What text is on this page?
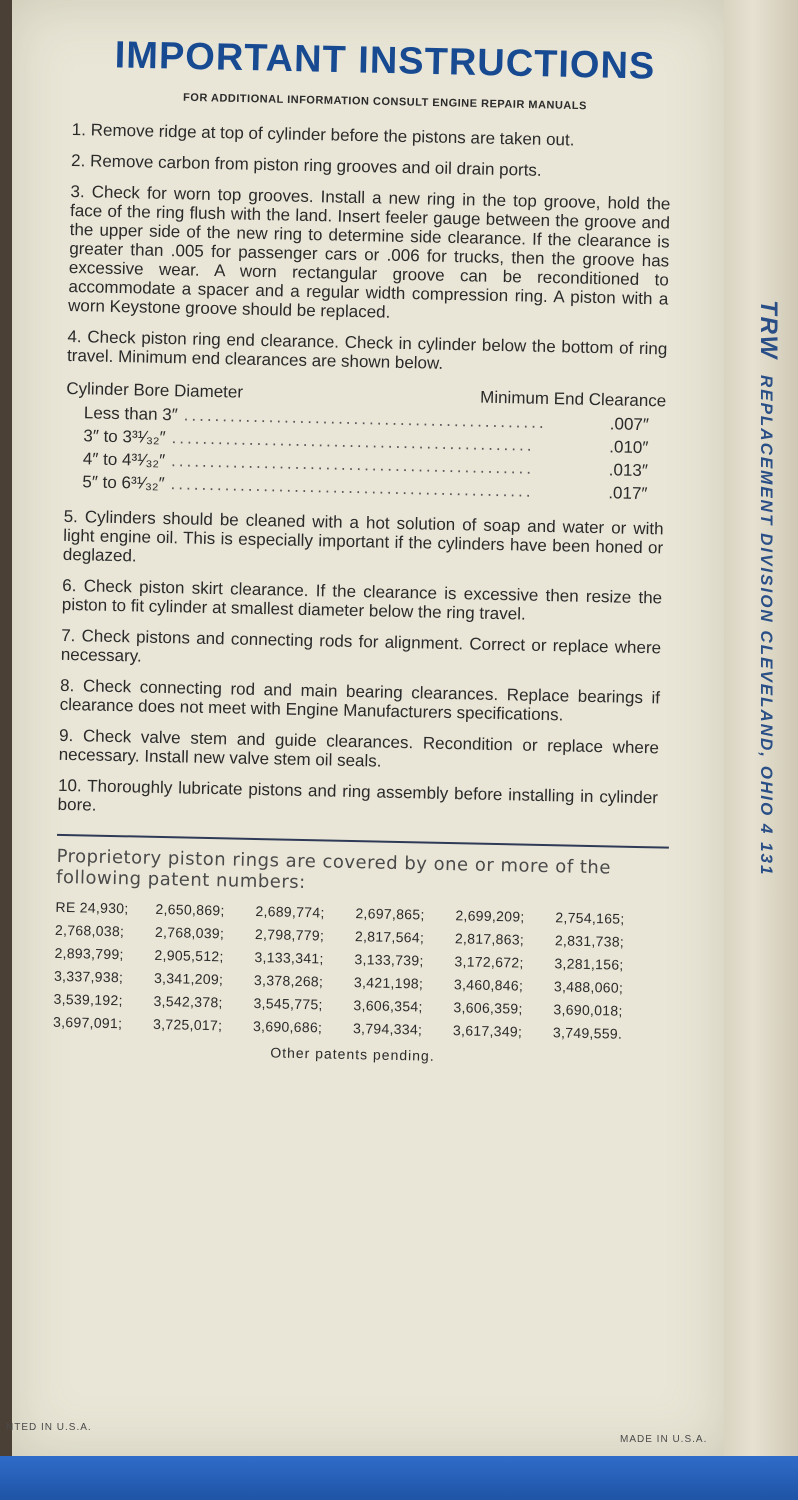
TRW REPLACEMENT DIVISION CLEVELAND, OHIO 4 131
IMPORTANT INSTRUCTIONS
FOR ADDITIONAL INFORMATION CONSULT ENGINE REPAIR MANUALS
1. Remove ridge at top of cylinder before the pistons are taken out.
2. Remove carbon from piston ring grooves and oil drain ports.
3. Check for worn top grooves. Install a new ring in the top groove, hold the face of the ring flush with the land. Insert feeler gauge between the groove and the upper side of the new ring to determine side clearance. If the clearance is greater than .005 for passenger cars or .006 for trucks, then the groove has excessive wear. A worn rectangular groove can be reconditioned to accommodate a spacer and a regular width compression ring. A piston with a worn Keystone groove should be replaced.
4. Check piston ring end clearance. Check in cylinder below the bottom of ring travel. Minimum end clearances are shown below.
Cylinder Bore Diameter	Minimum End Clearance
Less than 3″ ...............................................	.007″
3″ to 3³¹⁄₃₂″ ...............................................	.010″
4″ to 4³¹⁄₃₂″ ...............................................	.013″
5″ to 6³¹⁄₃₂″ ...............................................	.017″
5. Cylinders should be cleaned with a hot solution of soap and water or with light engine oil. This is especially important if the cylinders have been honed or deglazed.
6. Check piston skirt clearance. If the clearance is excessive then resize the piston to fit cylinder at smallest diameter below the ring travel.
7. Check pistons and connecting rods for alignment. Correct or replace where necessary.
8. Check connecting rod and main bearing clearances. Replace bearings if clearance does not meet with Engine Manufacturers specifications.
9. Check valve stem and guide clearances. Recondition or replace where necessary. Install new valve stem oil seals.
10. Thoroughly lubricate pistons and ring assembly before installing in cylinder bore.
Proprietory piston rings are covered by one or more of the following patent numbers:
RE 24,930;	2,650,869;	2,689,774;	2,697,865;	2,699,209;	2,754,165;
2,768,038;	2,768,039;	2,798,779;	2,817,564;	2,817,863;	2,831,738;
2,893,799;	2,905,512;	3,133,341;	3,133,739;	3,172,672;	3,281,156;
3,337,938;	3,341,209;	3,378,268;	3,421,198;	3,460,846;	3,488,060;
3,539,192;	3,542,378;	3,545,775;	3,606,354;	3,606,359;	3,690,018;
3,697,091;	3,725,017;	3,690,686;	3,794,334;	3,617,349;	3,749,559.
Other patents pending.
NTED IN U.S.A.
MADE IN U.S.A.
